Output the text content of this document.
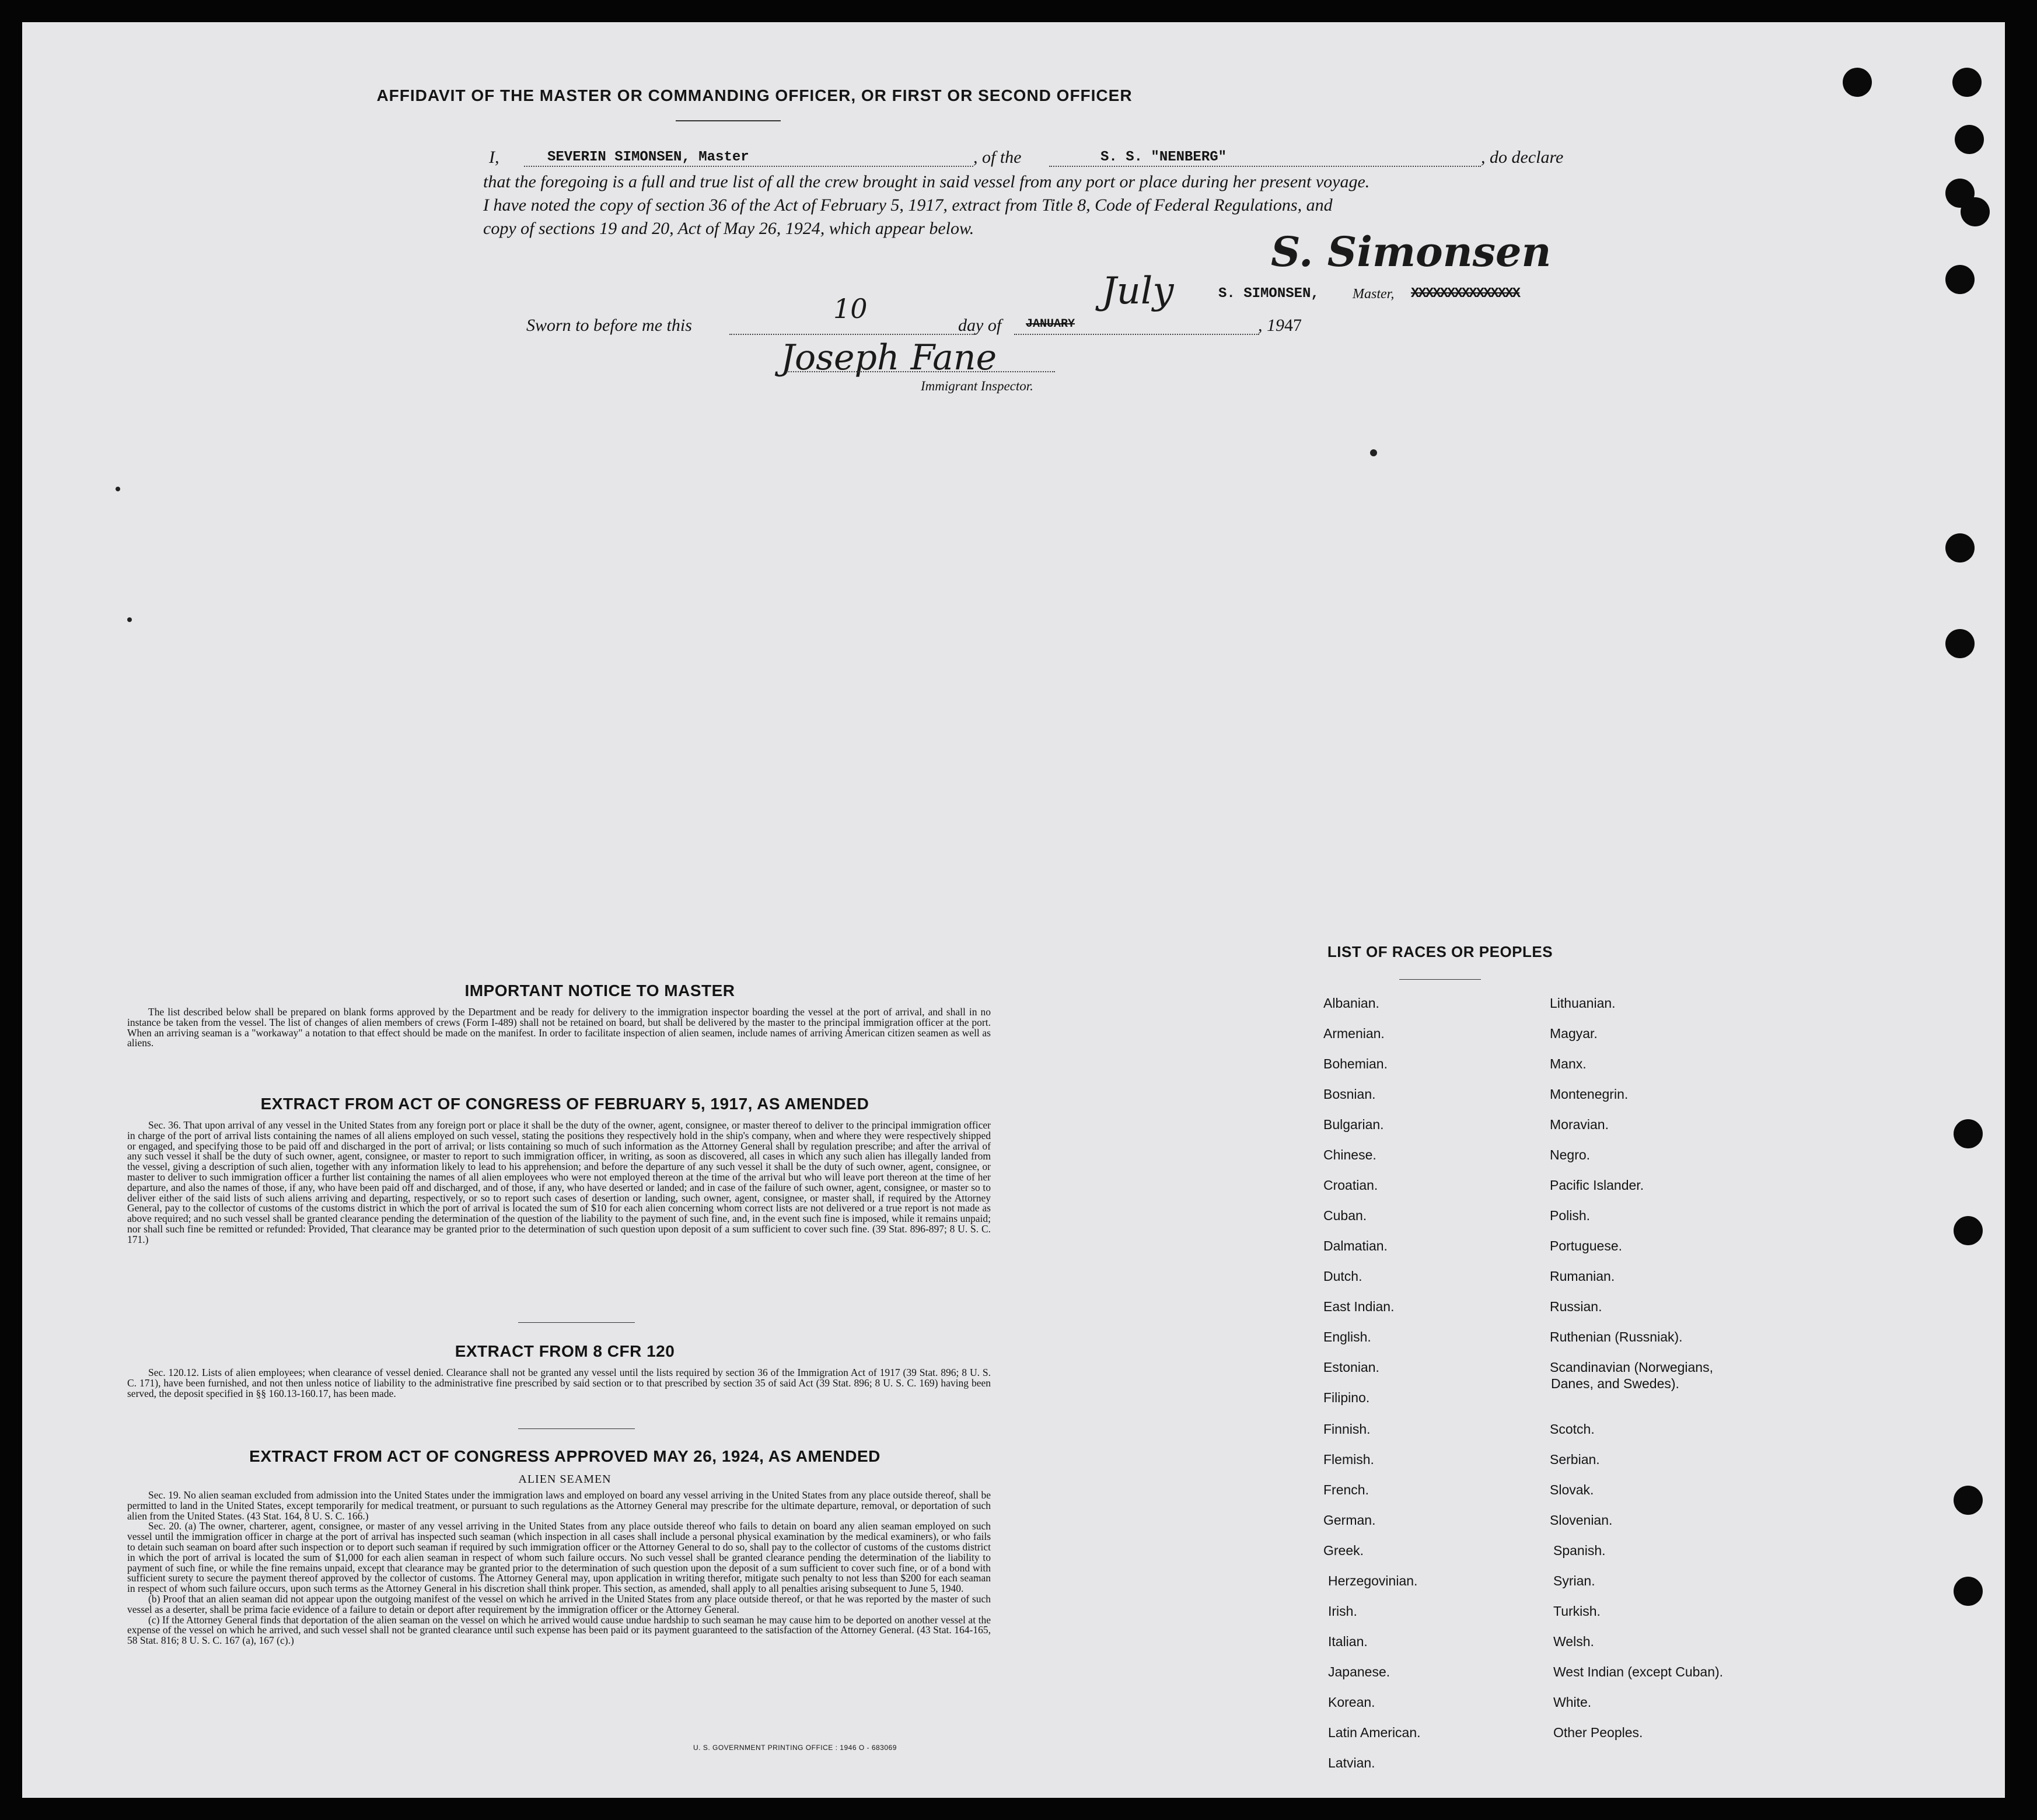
AFFIDAVIT OF THE MASTER OR COMMANDING OFFICER, OR FIRST OR SECOND OFFICER
I,	SEVERIN SIMONSEN, Master	, of the	S. S. "NENBERG"	, do declare
that the foregoing is a full and true list of all the crew brought in said vessel from any port or place during her present voyage.
I have noted the copy of section 36 of the Act of February 5, 1917, extract from Title 8, Code of Federal Regulations, and
copy of sections 19 and 20, Act of May 26, 1924, which appear below.	S. Simonsen
S. SIMONSEN, Master, XXXXXXXXXXXXXXX
Sworn to before me this
10
day of JANUARY
July
, 1947
Joseph Fane
Immigrant Inspector.
IMPORTANT NOTICE TO MASTER

The list described below shall be prepared on blank forms approved by the Department and be ready for delivery to the immigration inspector boarding the vessel at the port of arrival, and shall in no instance be taken from the vessel. The list of changes of alien members of crews (Form I-489) shall not be retained on board, but shall be delivered by the master to the principal immigration officer at the port. When an arriving seaman is a "workaway" a notation to that effect should be made on the manifest. In order to facilitate inspection of alien seamen, include names of arriving American citizen seamen as well as aliens.

EXTRACT FROM ACT OF CONGRESS OF FEBRUARY 5, 1917, AS AMENDED

Sec. 36. That upon arrival of any vessel in the United States from any foreign port or place it shall be the duty of the owner, agent, consignee, or master thereof to deliver to the principal immigration officer in charge of the port of arrival lists containing the names of all aliens employed on such vessel, stating the positions they respectively hold in the ship's company, when and where they were respectively shipped or engaged, and specifying those to be paid off and discharged in the port of arrival; or lists containing so much of such information as the Attorney General shall by regulation prescribe; and after the arrival of any such vessel it shall be the duty of such owner, agent, consignee, or master to report to such immigration officer, in writing, as soon as discovered, all cases in which any such alien has illegally landed from the vessel, giving a description of such alien, together with any information likely to lead to his apprehension; and before the departure of any such vessel it shall be the duty of such owner, agent, consignee, or master to deliver to such immigration officer a further list containing the names of all alien employees who were not employed thereon at the time of the arrival but who will leave port thereon at the time of her departure, and also the names of those, if any, who have been paid off and discharged, and of those, if any, who have deserted or landed; and in case of the failure of such owner, agent, consignee, or master so to deliver either of the said lists of such aliens arriving and departing, respectively, or so to report such cases of desertion or landing, such owner, agent, consignee, or master shall, if required by the Attorney General, pay to the collector of customs of the customs district in which the port of arrival is located the sum of $10 for each alien concerning whom correct lists are not delivered or a true report is not made as above required; and no such vessel shall be granted clearance pending the determination of the question of the liability to the payment of such fine, and, in the event such fine is imposed, while it remains unpaid; nor shall such fine be remitted or refunded: Provided, That clearance may be granted prior to the determination of such question upon deposit of a sum sufficient to cover such fine. (39 Stat. 896-897; 8 U. S. C. 171.)

EXTRACT FROM 8 CFR 120

Sec. 120.12. Lists of alien employees; when clearance of vessel denied. Clearance shall not be granted any vessel until the lists required by section 36 of the Immigration Act of 1917 (39 Stat. 896; 8 U. S. C. 171), have been furnished, and not then unless notice of liability to the administrative fine prescribed by said section or to that prescribed by section 35 of said Act (39 Stat. 896; 8 U. S. C. 169) having been served, the deposit specified in §§ 160.13-160.17, has been made.

EXTRACT FROM ACT OF CONGRESS APPROVED MAY 26, 1924, AS AMENDED
ALIEN SEAMEN

Sec. 19. No alien seaman excluded from admission into the United States under the immigration laws and employed on board any vessel arriving in the United States from any place outside thereof, shall be permitted to land in the United States, except temporarily for medical treatment, or pursuant to such regulations as the Attorney General may prescribe for the ultimate departure, removal, or deportation of such alien from the United States. (43 Stat. 164, 8 U. S. C. 166.)

Sec. 20. (a) The owner, charterer, agent, consignee, or master of any vessel arriving in the United States from any place outside thereof who fails to detain on board any alien seaman employed on such vessel until the immigration officer in charge at the port of arrival has inspected such seaman (which inspection in all cases shall include a personal physical examination by the medical examiners), or who fails to detain such seaman on board after such inspection or to deport such seaman if required by such immigration officer or the Attorney General to do so, shall pay to the collector of customs of the customs district in which the port of arrival is located the sum of $1,000 for each alien seaman in respect of whom such failure occurs. No such vessel shall be granted clearance pending the determination of the liability to payment of such fine, or while the fine remains unpaid, except that clearance may be granted prior to the determination of such question upon the deposit of a sum sufficient to cover such fine, or of a bond with sufficient surety to secure the payment thereof approved by the collector of customs. The Attorney General may, upon application in writing therefor, mitigate such penalty to not less than $200 for each seaman in respect of whom such failure occurs, upon such terms as the Attorney General in his discretion shall think proper. This section, as amended, shall apply to all penalties arising subsequent to June 5, 1940.

(b) Proof that an alien seaman did not appear upon the outgoing manifest of the vessel on which he arrived in the United States from any place outside thereof, or that he was reported by the master of such vessel as a deserter, shall be prima facie evidence of a failure to detain or deport after requirement by the immigration officer or the Attorney General.

(c) If the Attorney General finds that deportation of the alien seaman on the vessel on which he arrived would cause undue hardship to such seaman he may cause him to be deported on another vessel at the expense of the vessel on which he arrived, and such vessel shall not be granted clearance until such expense has been paid or its payment guaranteed to the satisfaction of the Attorney General. (43 Stat. 164-165, 58 Stat. 816; 8 U. S. C. 167 (a), 167 (c).)

U. S. GOVERNMENT PRINTING OFFICE : 1946 O - 683069
LIST OF RACES OR PEOPLES
Albanian.
Armenian.
Bohemian.
Bosnian.
Bulgarian.
Chinese.
Croatian.
Cuban.
Dalmatian.
Dutch.
East Indian.
English.
Estonian.
Filipino.
Finnish.
Flemish.
French.
German.
Greek.
Herzegovinian.
Irish.
Italian.
Japanese.
Korean.
Latin American.
Latvian.
Lithuanian.
Magyar.
Manx.
Montenegrin.
Moravian.
Negro.
Pacific Islander.
Polish.
Portuguese.
Rumanian.
Russian.
Ruthenian (Russniak).
Scandinavian (Norwegians,
Danes, and Swedes).
Scotch.
Serbian.
Slovak.
Slovenian.
Spanish.
Syrian.
Turkish.
Welsh.
West Indian (except Cuban).
White.
Other Peoples.
